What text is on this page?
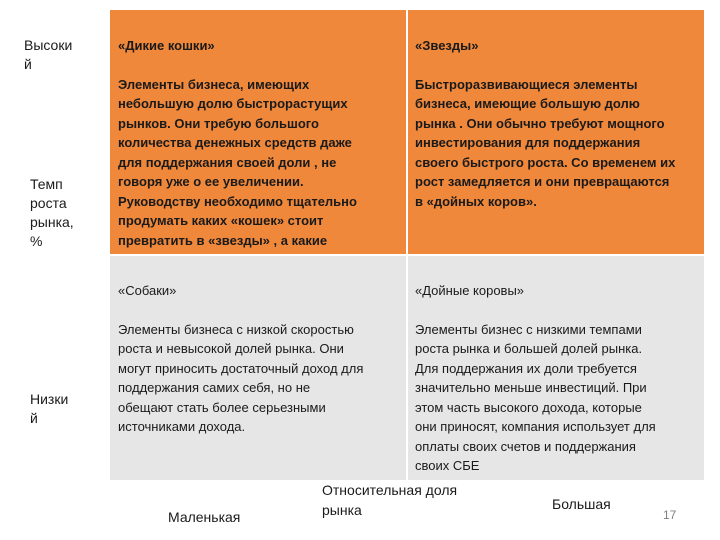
Высоки
й
Темп
роста
рынка,
%
Низки
й

«Дикие кошки»

Элементы бизнеса, имеющих
небольшую долю быстрорастущих
рынков. Они требую большого
количества денежных средств даже
для поддержания своей доли , не
говоря уже о ее увеличении.
Руководству необходимо тщательно
продумать каких «кошек» стоит
превратить в «звезды» , а какие

«Звезды»

Быстроразвивающиеся элементы
бизнеса, имеющие большую долю
рынка . Они обычно требуют мощного
инвестирования для поддержания
своего быстрого роста. Со временем их
рост замедляется и они превращаются
в «дойных коров».

«Собаки»

Элементы бизнеса с низкой скоростью
роста и невысокой долей рынка. Они
могут приносить достаточный доход для
поддержания самих себя, но не
обещают стать более серьезными
источниками дохода.

«Дойные коровы»

Элементы бизнес с низкими темпами
роста рынка и большей долей рынка.
Для поддержания их доли требуется
значительно меньше инвестиций. При
этом часть высокого дохода, которые
они приносят, компания использует для
оплаты своих счетов и поддержания
своих СБЕ

Маленькая
Относительная доля
рынка	Большая
17
